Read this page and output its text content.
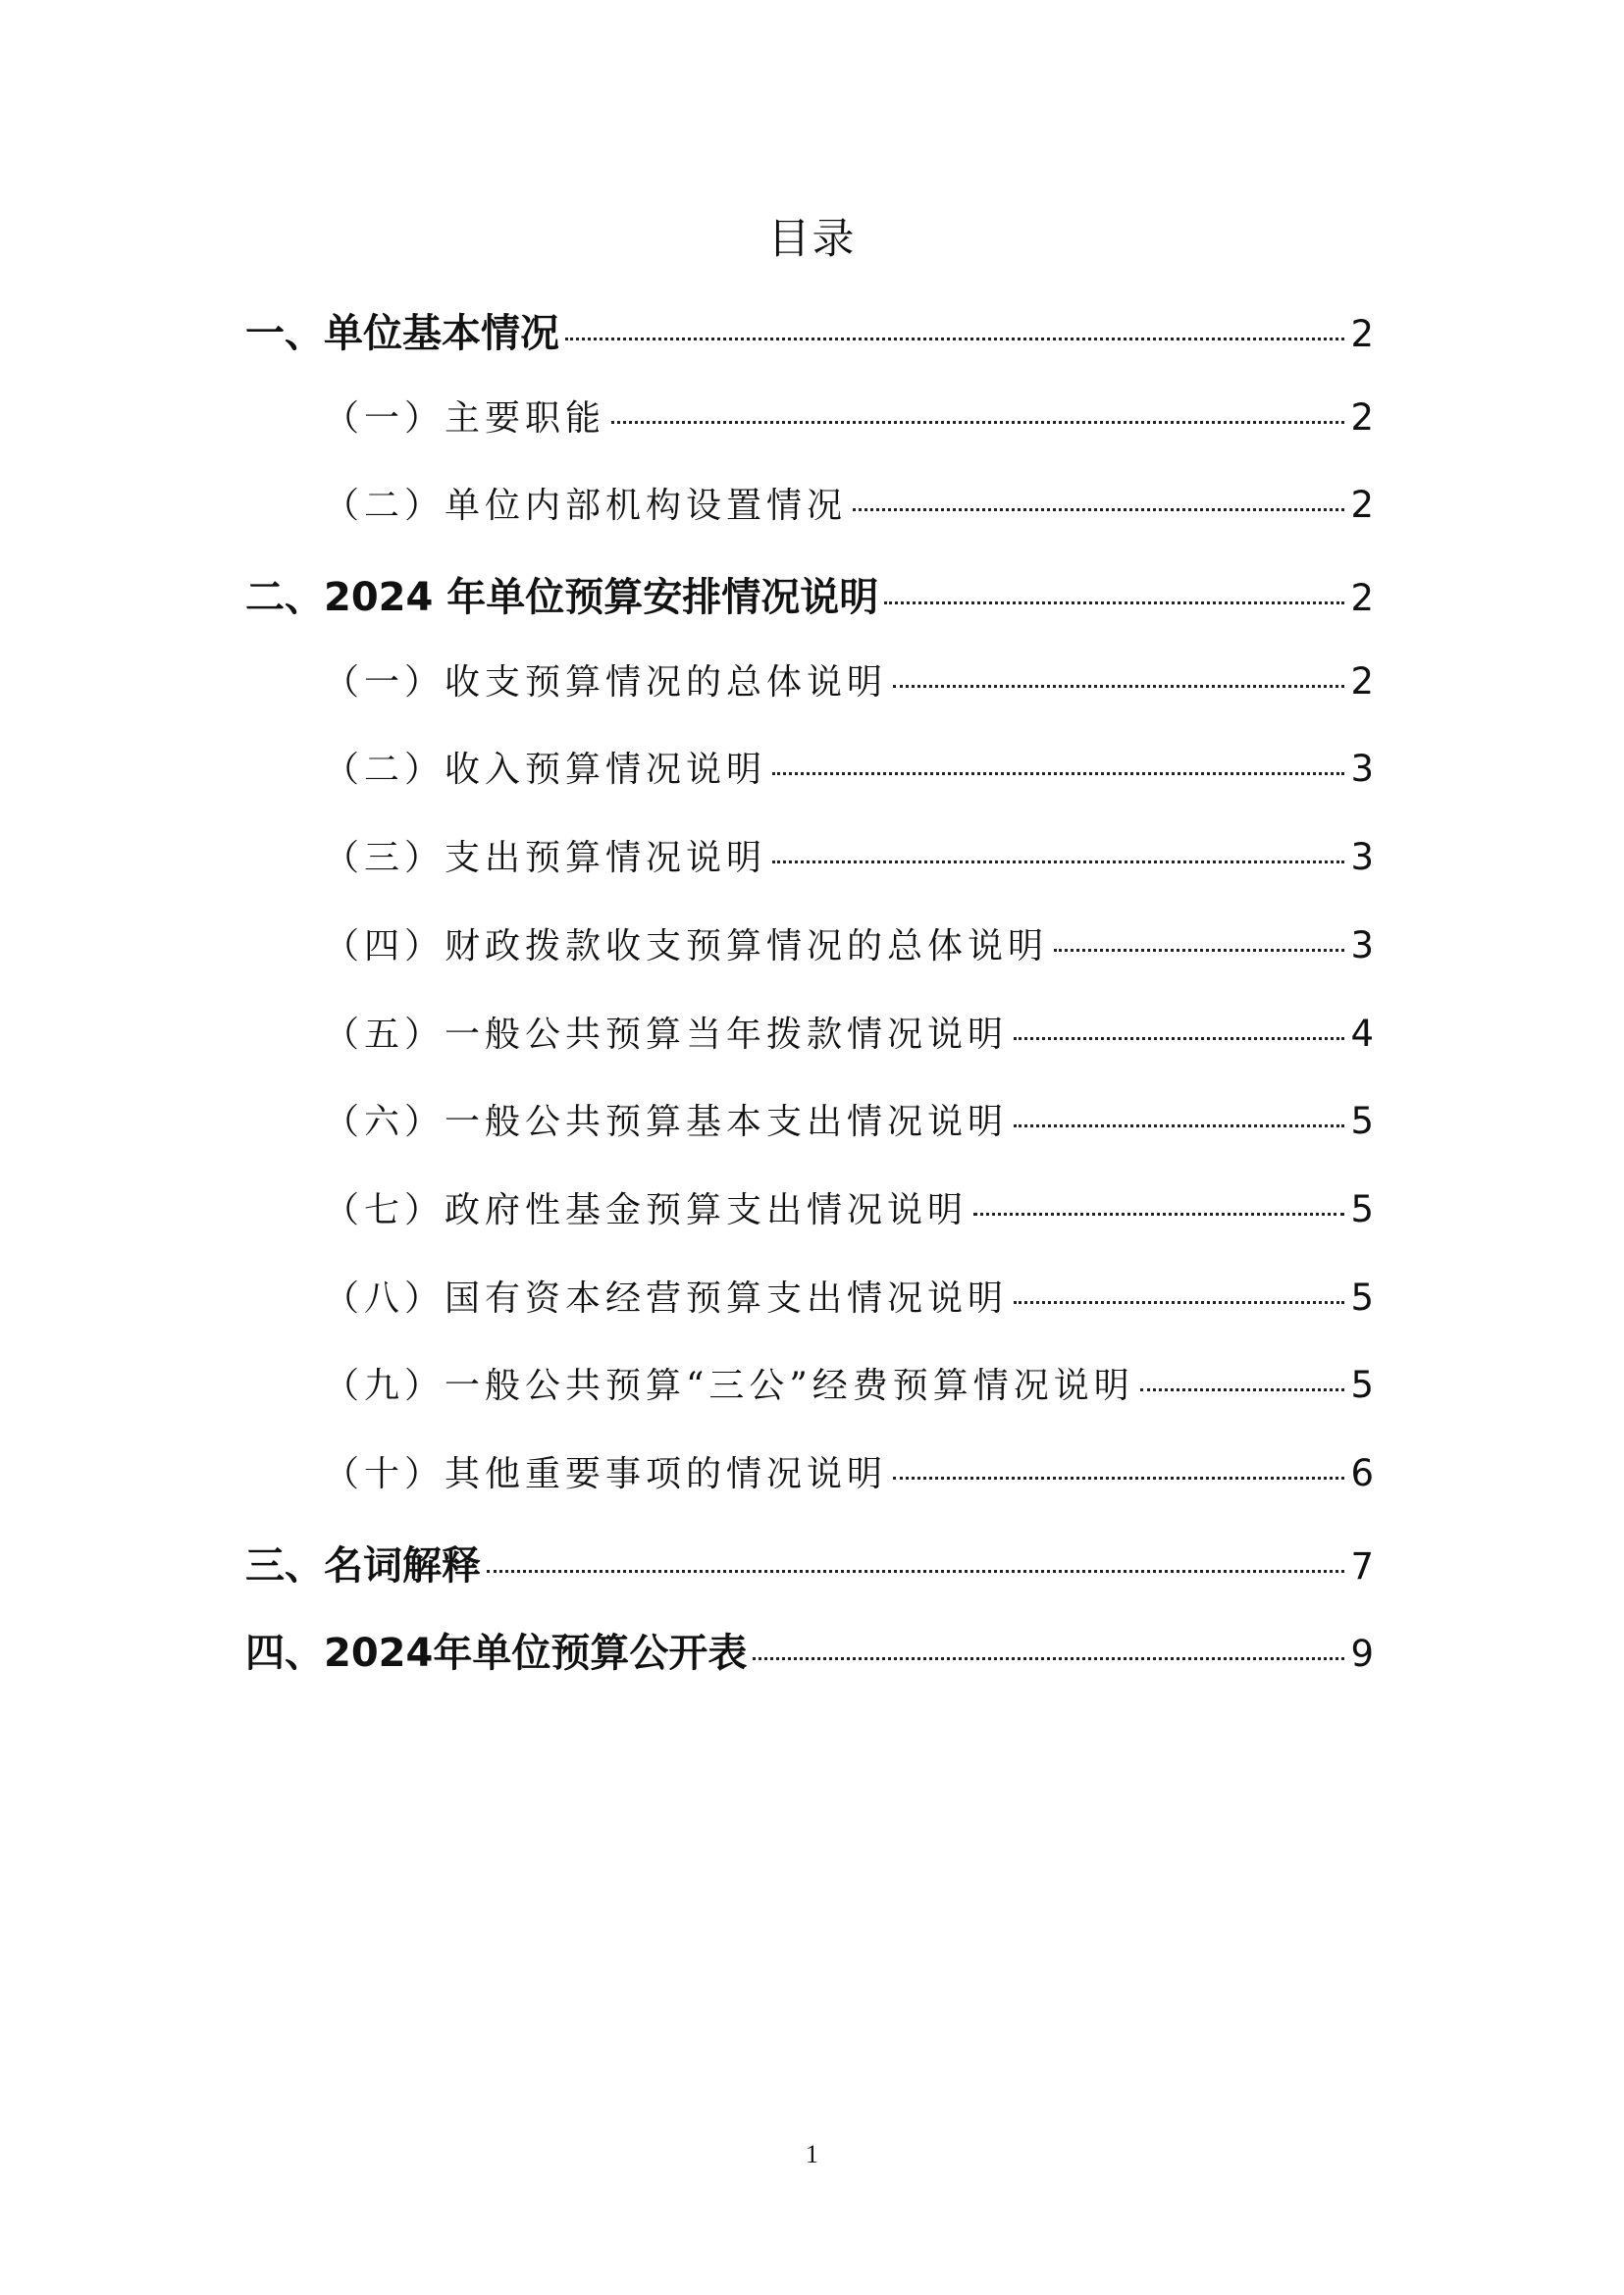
目录
一、单位基本情况	2
（一）主要职能	2
（二）单位内部机构设置情况	2
二、2024 年单位预算安排情况说明	2
（一）收支预算情况的总体说明	2
（二）收入预算情况说明	3
（三）支出预算情况说明	3
（四）财政拨款收支预算情况的总体说明	3
（五）一般公共预算当年拨款情况说明	4
（六）一般公共预算基本支出情况说明	5
（七）政府性基金预算支出情况说明	5
（八）国有资本经营预算支出情况说明	5
（九）一般公共预算“三公”经费预算情况说明	5
（十）其他重要事项的情况说明	6
三、名词解释	7
四、2024年单位预算公开表	9
1
